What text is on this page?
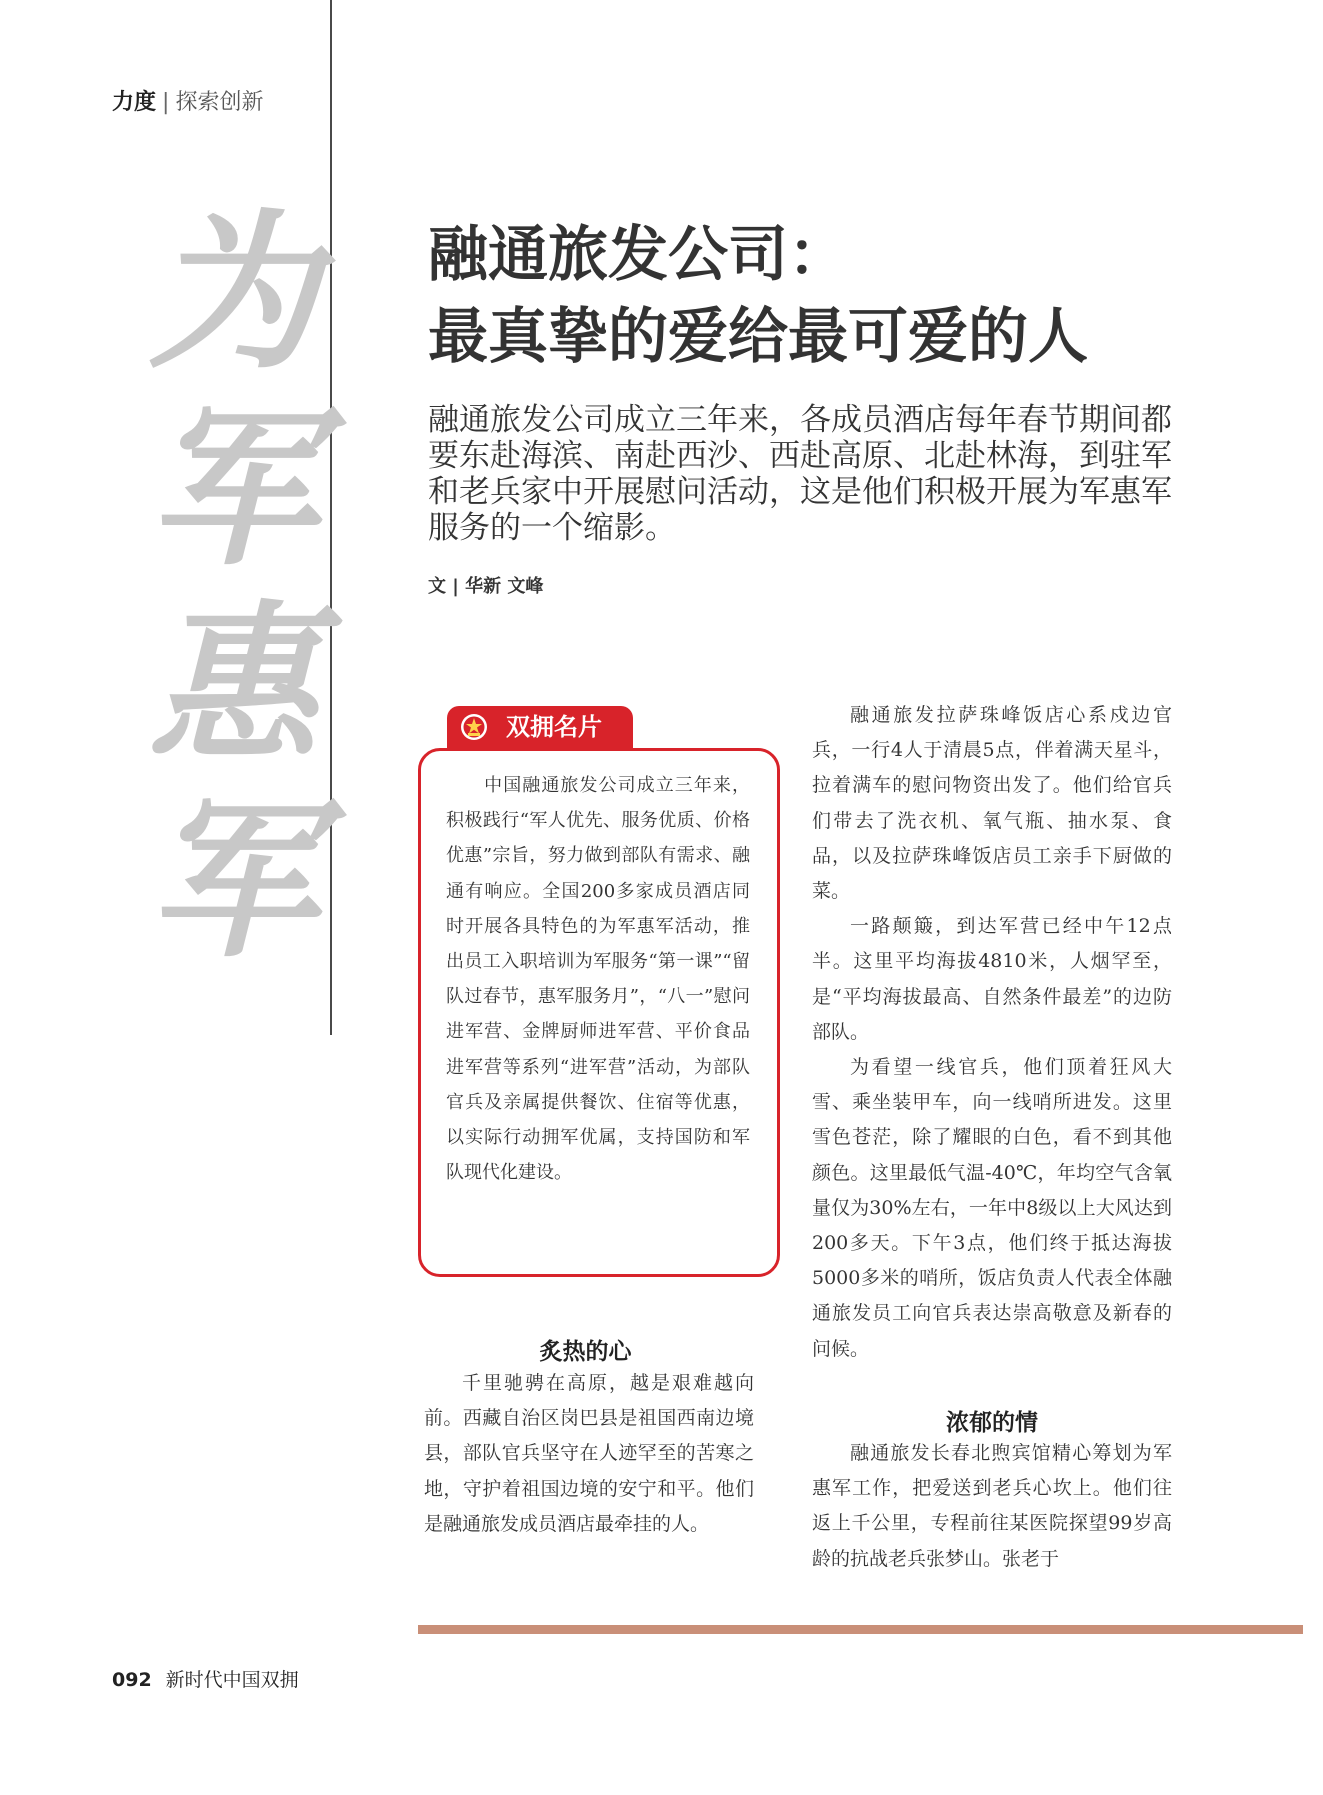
力度 | 探索创新
为
军
惠
军
融通旅发公司：
最真挚的爱给最可爱的人
融通旅发公司成立三年来，各成员酒店每年春节期间都要东赴海滨、南赴西沙、西赴高原、北赴林海，到驻军和老兵家中开展慰问活动，这是他们积极开展为军惠军服务的一个缩影。
文 | 华新 文峰
双拥名片
　　中国融通旅发公司成立三年来，积极践行“军人优先、服务优质、价格优惠”宗旨，努力做到部队有需求、融通有响应。全国200多家成员酒店同时开展各具特色的为军惠军活动，推出员工入职培训为军服务“第一课”“留队过春节，惠军服务月”，“八一”慰问进军营、金牌厨师进军营、平价食品进军营等系列“进军营”活动，为部队官兵及亲属提供餐饮、住宿等优惠，以实际行动拥军优属，支持国防和军队现代化建设。
炙热的心

千里驰骋在高原，越是艰难越向前。西藏自治区岗巴县是祖国西南边境县，部队官兵坚守在人迹罕至的苦寒之地，守护着祖国边境的安宁和平。他们是融通旅发成员酒店最牵挂的人。

融通旅发拉萨珠峰饭店心系戍边官兵，一行4人于清晨5点，伴着满天星斗，拉着满车的慰问物资出发了。他们给官兵们带去了洗衣机、氧气瓶、抽水泵、食品，以及拉萨珠峰饭店员工亲手下厨做的菜。

一路颠簸，到达军营已经中午12点半。这里平均海拔4810米，人烟罕至，是“平均海拔最高、自然条件最差”的边防部队。

为看望一线官兵，他们顶着狂风大雪、乘坐装甲车，向一线哨所进发。这里雪色苍茫，除了耀眼的白色，看不到其他颜色。这里最低气温-40℃，年均空气含氧量仅为30%左右，一年中8级以上大风达到200多天。下午3点，他们终于抵达海拔5000多米的哨所，饭店负责人代表全体融通旅发员工向官兵表达崇高敬意及新春的问候。

浓郁的情

融通旅发长春北煦宾馆精心筹划为军惠军工作，把爱送到老兵心坎上。他们往返上千公里，专程前往某医院探望99岁高龄的抗战老兵张梦山。张老于

092 新时代中国双拥
